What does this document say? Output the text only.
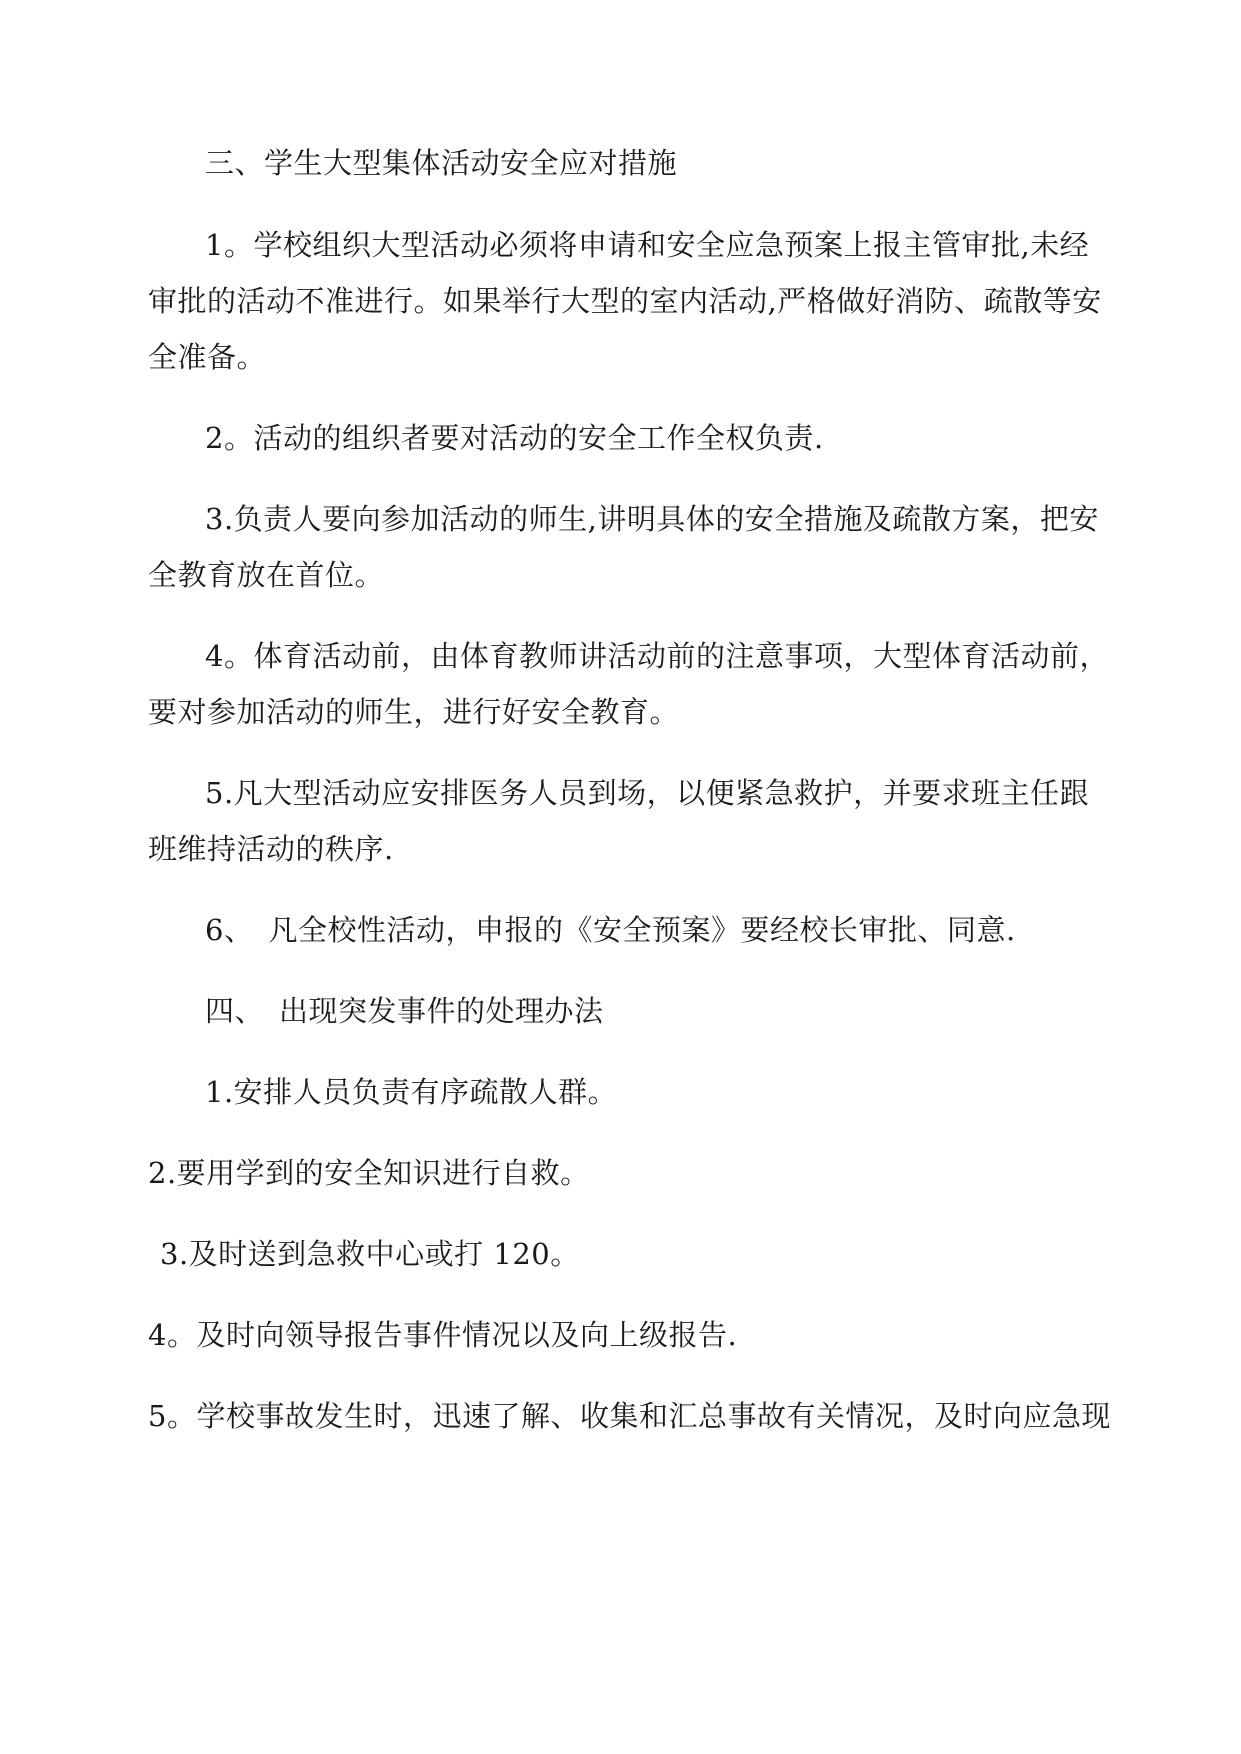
三、学生大型集体活动安全应对措施
1。学校组织大型活动必须将申请和安全应急预案上报主管审批,未经
审批的活动不准进行。如果举行大型的室内活动,严格做好消防、疏散等安
全准备。
2。活动的组织者要对活动的安全工作全权负责.
3.负责人要向参加活动的师生,讲明具体的安全措施及疏散方案，把安
全教育放在首位。
4。体育活动前，由体育教师讲活动前的注意事项，大型体育活动前，
要对参加活动的师生，进行好安全教育。
5.凡大型活动应安排医务人员到场，以便紧急救护，并要求班主任跟
班维持活动的秩序.
6、　凡全校性活动，申报的《安全预案》要经校长审批、同意.
四、　出现突发事件的处理办法
1.安排人员负责有序疏散人群。
2.要用学到的安全知识进行自救。
3.及时送到急救中心或打 120。
4。及时向领导报告事件情况以及向上级报告.
5。学校事故发生时，迅速了解、收集和汇总事故有关情况，及时向应急现
